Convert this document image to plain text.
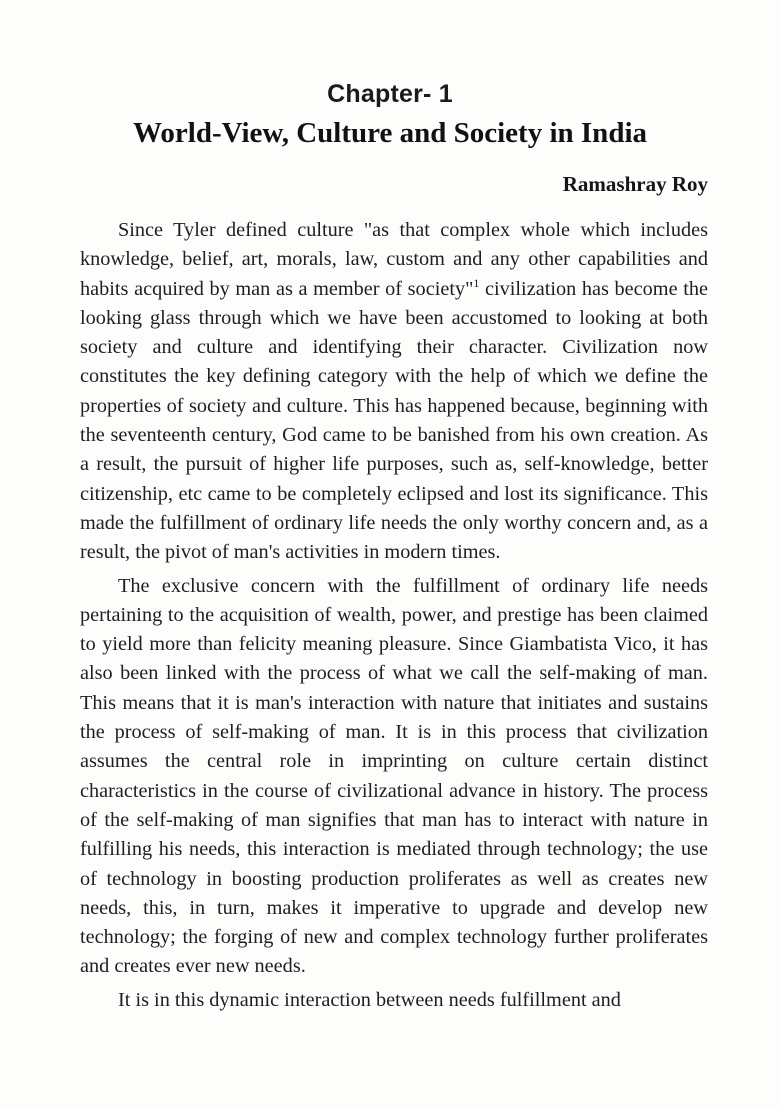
Chapter- 1
World-View, Culture and Society in India
Ramashray Roy

Since Tyler defined culture "as that complex whole which includes knowledge, belief, art, morals, law, custom and any other capabilities and habits acquired by man as a member of society"$^1$ civilization has become the looking glass through which we have been accustomed to looking at both society and culture and identifying their character. Civilization now constitutes the key defining category with the help of which we define the properties of society and culture. This has happened because, beginning with the seventeenth century, God came to be banished from his own creation. As a result, the pursuit of higher life purposes, such as, self-knowledge, better citizenship, etc came to be completely eclipsed and lost its significance. This made the fulfillment of ordinary life needs the only worthy concern and, as a result, the pivot of man's activities in modern times.

The exclusive concern with the fulfillment of ordinary life needs pertaining to the acquisition of wealth, power, and prestige has been claimed to yield more than felicity meaning pleasure. Since Giambatista Vico, it has also been linked with the process of what we call the self-making of man. This means that it is man's interaction with nature that initiates and sustains the process of self-making of man. It is in this process that civilization assumes the central role in imprinting on culture certain distinct characteristics in the course of civilizational advance in history. The process of the self-making of man signifies that man has to interact with nature in fulfilling his needs, this interaction is mediated through technology; the use of technology in boosting production proliferates as well as creates new needs, this, in turn, makes it imperative to upgrade and develop new technology; the forging of new and complex technology further proliferates and creates ever new needs.

It is in this dynamic interaction between needs fulfillment and
